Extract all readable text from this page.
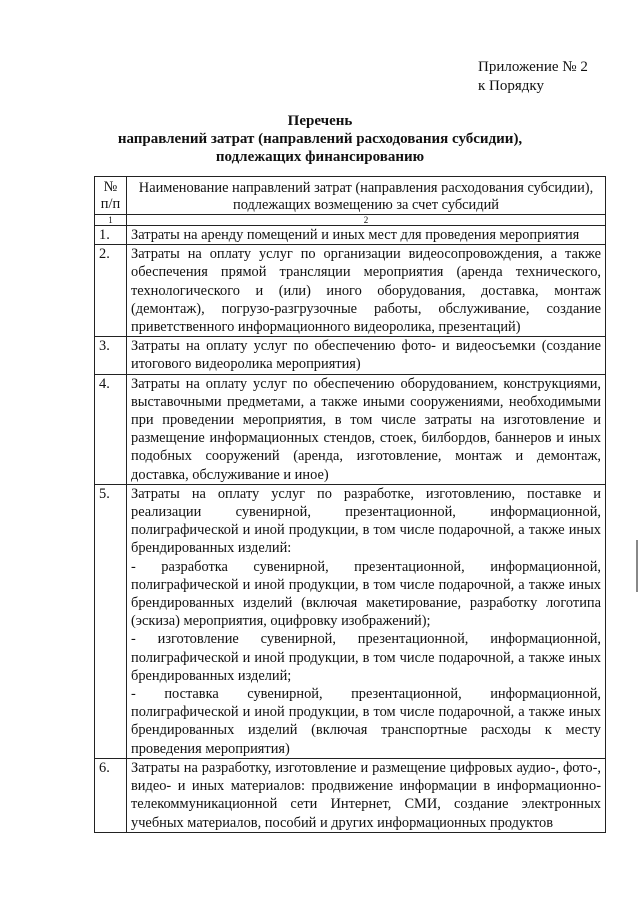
Приложение № 2
к Порядку
Перечень
направлений затрат (направлений расходования субсидии),
подлежащих финансированию
№ п/п	Наименование направлений затрат (направления расходования субсидии), подлежащих возмещению за счет субсидий
1	2
1.	Затраты на аренду помещений и иных мест для проведения мероприятия
2.	Затраты на оплату услуг по организации видеосопровождения, а также обеспечения прямой трансляции мероприятия (аренда технического, технологического и (или) иного оборудования, доставка, монтаж (демонтаж), погрузо-разгрузочные работы, обслуживание, создание приветственного информационного видеоролика, презентаций)
3.	Затраты на оплату услуг по обеспечению фото- и видеосъемки (создание итогового видеоролика мероприятия)
4.	Затраты на оплату услуг по обеспечению оборудованием, конструкциями, выставочными предметами, а также иными сооружениями, необходимыми при проведении мероприятия, в том числе затраты на изготовление и размещение информационных стендов, стоек, билбордов, баннеров и иных подобных сооружений (аренда, изготовление, монтаж и демонтаж, доставка, обслуживание и иное)
5.	Затраты на оплату услуг по разработке, изготовлению, поставке и реализации сувенирной, презентационной, информационной, полиграфической и иной продукции, в том числе подарочной, а также иных брендированных изделий:
- разработка сувенирной, презентационной, информационной, полиграфической и иной продукции, в том числе подарочной, а также иных брендированных изделий (включая макетирование, разработку логотипа (эскиза) мероприятия, оцифровку изображений);
- изготовление сувенирной, презентационной, информационной, полиграфической и иной продукции, в том числе подарочной, а также иных брендированных изделий;
- поставка сувенирной, презентационной, информационной, полиграфической и иной продукции, в том числе подарочной, а также иных брендированных изделий (включая транспортные расходы к месту проведения мероприятия)

6.	Затраты на разработку, изготовление и размещение цифровых аудио-, фото-, видео- и иных материалов: продвижение информации в информационно-телекоммуникационной сети Интернет, СМИ, создание электронных учебных материалов, пособий и других информационных продуктов
